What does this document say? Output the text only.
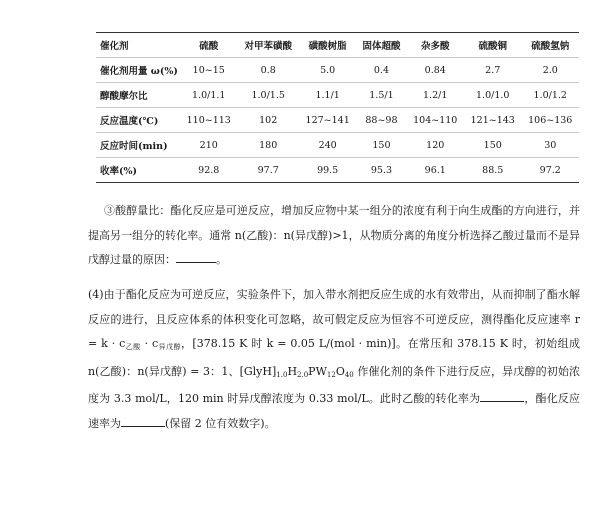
催化剂	硫酸	对甲苯磺酸	磺酸树脂	固体超酸	杂多酸	硫酸铜	硫酸氢钠
催化剂用量 ω(%)	10~15	0.8	5.0	0.4	0.84	2.7	2.0
醇酸摩尔比	1.0/1.1	1.0/1.5	1.1/1	1.5/1	1.2/1	1.0/1.0	1.0/1.2
反应温度(℃)	110~113	102	127~141	88~98	104~110	121~143	106~136
反应时间(min)	210	180	240	150	120	150	30
收率(%)	92.8	97.7	99.5	95.3	96.1	88.5	97.2

③酸醇量比：酯化反应是可逆反应，增加反应物中某一组分的浓度有利于向生成酯的方向进行，并提高另一组分的转化率。通常 n(乙酸)：n(异戊醇)>1，从物质分离的角度分析选择乙酸过量而不是异戊醇过量的原因：	。

(4)由于酯化反应为可逆反应，实验条件下，加入带水剂把反应生成的水有效带出，从而抑制了酯水解反应的进行，且反应体系的体积变化可忽略，故可假定反应为恒容不可逆反应，测得酯化反应速率 $r = k \cdot c_{乙酸} \cdot c_{异戊醇}$，[378.15 K 时 k = 0.05 L/(mol · min)]。在常压和 378.15 K 时，初始组成 n(乙酸)：n(异戊醇) = 3：1、$[GlyH]_{1.0}H_{2.0}PW_{12}O_{40}$ 作催化剂的条件下进行反应，异戊醇的初始浓度为 3.3 mol/L，120 min 时异戊醇浓度为 0.33 mol/L。此时乙酸的转化率为	，酯化反应速率为	(保留 2 位有效数字)。
